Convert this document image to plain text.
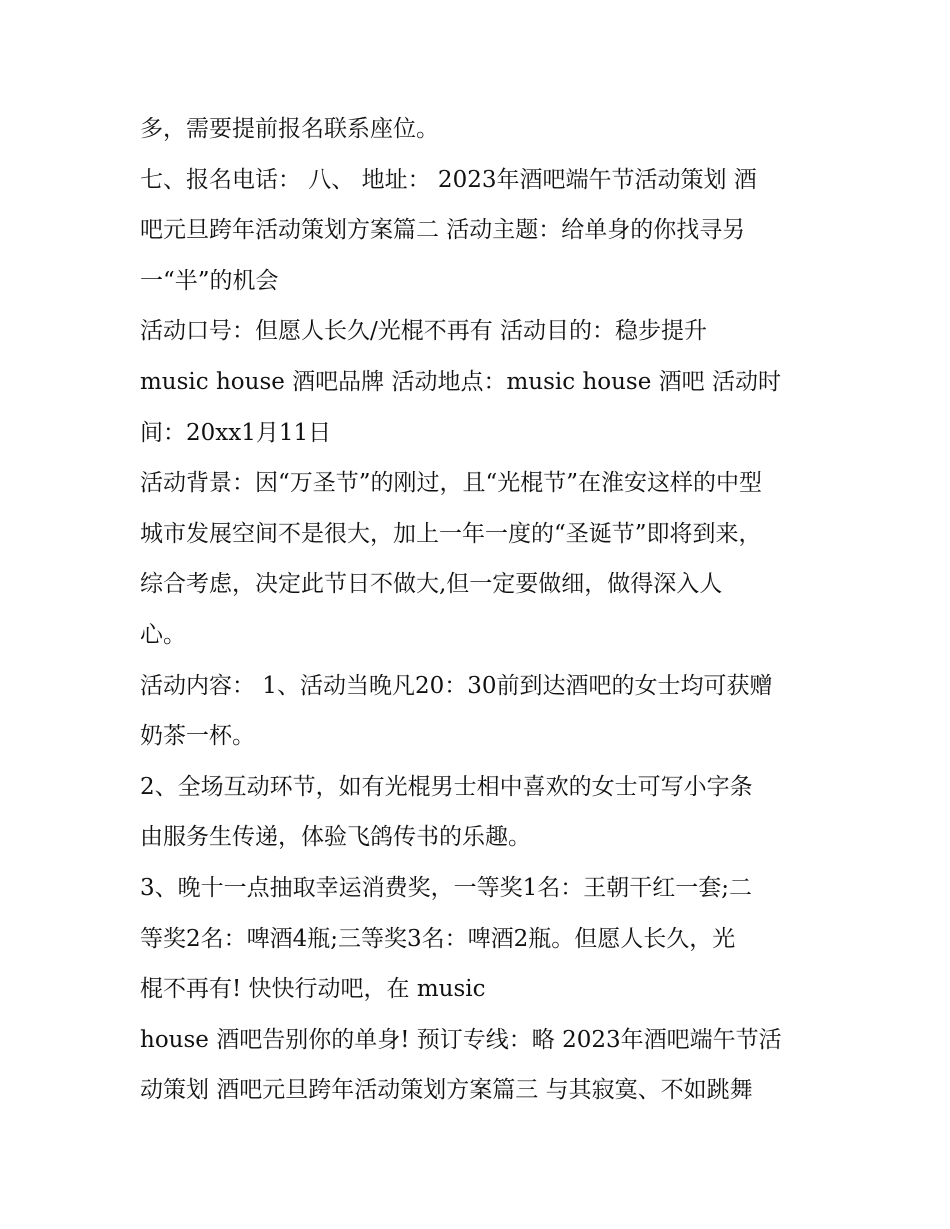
多，需要提前报名联系座位。
七、报名电话： 八、 地址： 2023年酒吧端午节活动策划 酒
吧元旦跨年活动策划方案篇二 活动主题：给单身的你找寻另
一“半”的机会
活动口号：但愿人长久/光棍不再有 活动目的：稳步提升
music house 酒吧品牌 活动地点：music house 酒吧 活动时
间：20xx1月11日
活动背景：因“万圣节”的刚过，且“光棍节”在淮安这样的中型
城市发展空间不是很大，加上一年一度的“圣诞节”即将到来，
综合考虑，决定此节日不做大,但一定要做细，做得深入人
心。
活动内容： 1、活动当晚凡20：30前到达酒吧的女士均可获赠
奶茶一杯。
2、全场互动环节，如有光棍男士相中喜欢的女士可写小字条
由服务生传递，体验飞鸽传书的乐趣。
3、晚十一点抽取幸运消费奖，一等奖1名：王朝干红一套;二
等奖2名：啤酒4瓶;三等奖3名：啤酒2瓶。但愿人长久，光
棍不再有! 快快行动吧，在 music
house 酒吧告别你的单身! 预订专线：略 2023年酒吧端午节活
动策划 酒吧元旦跨年活动策划方案篇三 与其寂寞、不如跳舞
